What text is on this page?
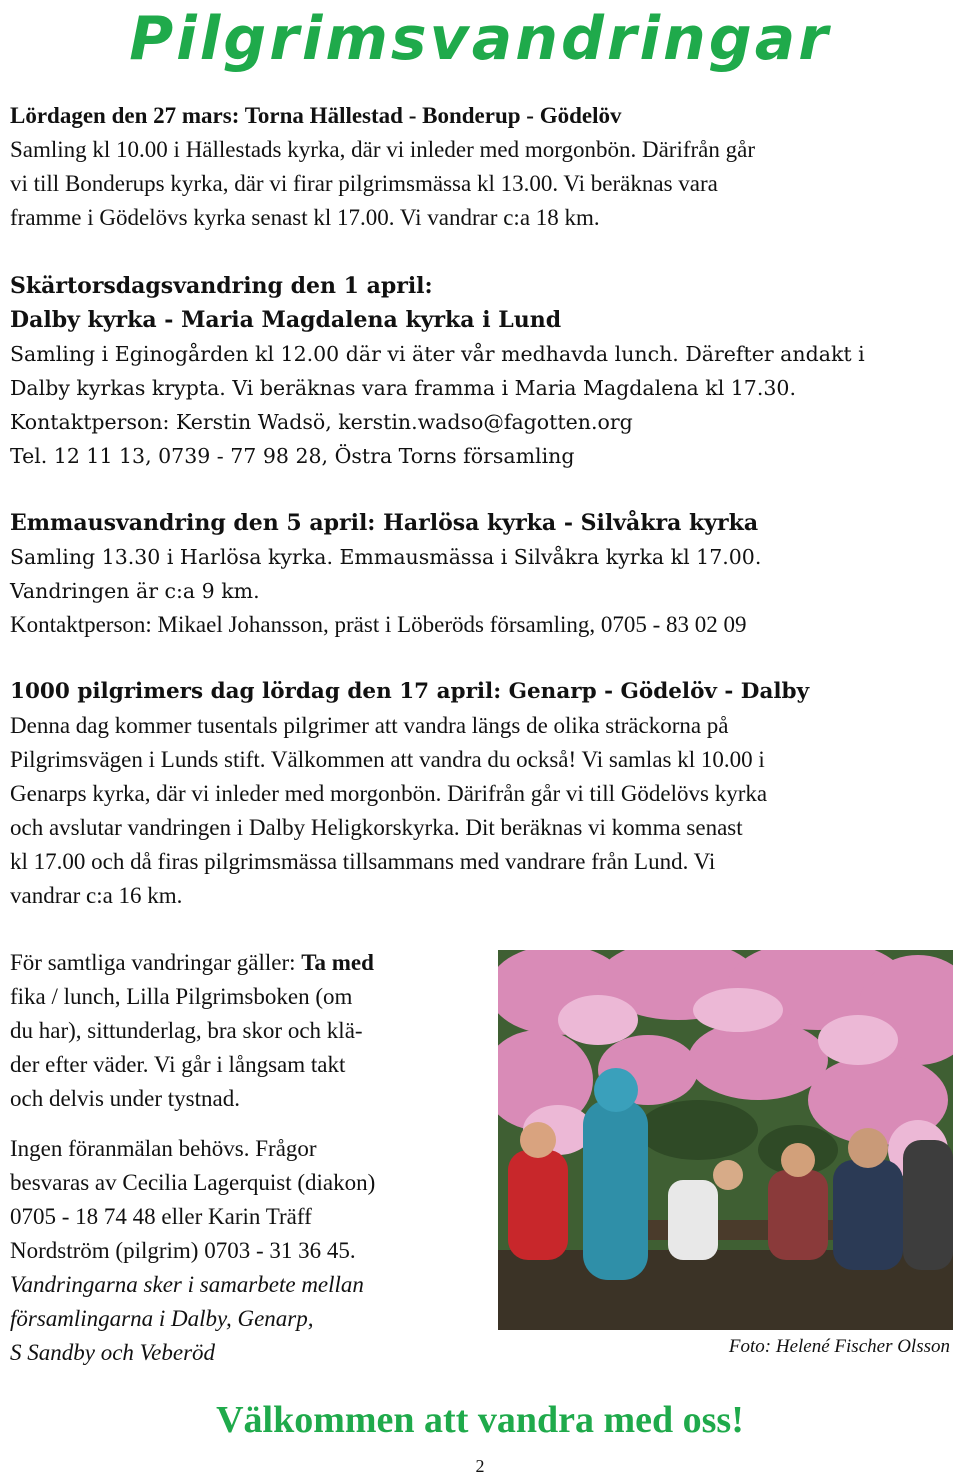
Pilgrimsvandringar

Lördagen den 27 mars: Torna Hällestad - Bonderup - Gödelöv

Samling kl 10.00 i Hällestads kyrka, där vi inleder med morgonbön. Därifrån går

vi till Bonderups kyrka, där vi firar pilgrimsmässa kl 13.00. Vi beräknas vara

framme i Gödelövs kyrka senast kl 17.00. Vi vandrar c:a 18 km.

Skärtorsdagsvandring den 1 april:

Dalby kyrka - Maria Magdalena kyrka i Lund

Samling i Eginogården kl 12.00 där vi äter vår medhavda lunch. Därefter andakt i

Dalby kyrkas krypta. Vi beräknas vara framma i Maria Magdalena kl 17.30.

Kontaktperson: Kerstin Wadsö, kerstin.wadso@fagotten.org

Tel. 12 11 13, 0739 - 77 98 28, Östra Torns församling

Emmausvandring den 5 april: Harlösa kyrka - Silvåkra kyrka

Samling 13.30 i Harlösa kyrka. Emmausmässa i Silvåkra kyrka kl 17.00.

Vandringen är c:a 9 km.

Kontaktperson: Mikael Johansson, präst i Löberöds församling, 0705 - 83 02 09

1000 pilgrimers dag lördag den 17 april: Genarp - Gödelöv - Dalby

Denna dag kommer tusentals pilgrimer att vandra längs de olika sträckorna på

Pilgrimsvägen i Lunds stift. Välkommen att vandra du också! Vi samlas kl 10.00 i

Genarps kyrka, där vi inleder med morgonbön. Därifrån går vi till Gödelövs kyrka

och avslutar vandringen i Dalby Heligkorskyrka. Dit beräknas vi komma senast

kl 17.00 och då firas pilgrimsmässa tillsammans med vandrare från Lund. Vi

vandrar c:a 16 km.

För samtliga vandringar gäller: Ta med

fika / lunch, Lilla Pilgrimsboken (om

du har), sittunderlag, bra skor och klä-

der efter väder. Vi går i långsam takt

och delvis under tystnad.

Ingen föranmälan behövs. Frågor

besvaras av Cecilia Lagerquist (diakon)

0705 - 18 74 48 eller Karin Träff

Nordström (pilgrim) 0703 - 31 36 45.

Vandringarna sker i samarbete mellan

församlingarna i Dalby, Genarp,

S Sandby och Veberöd	Foto: Helené Fischer Olsson
Välkommen att vandra med oss!
2
